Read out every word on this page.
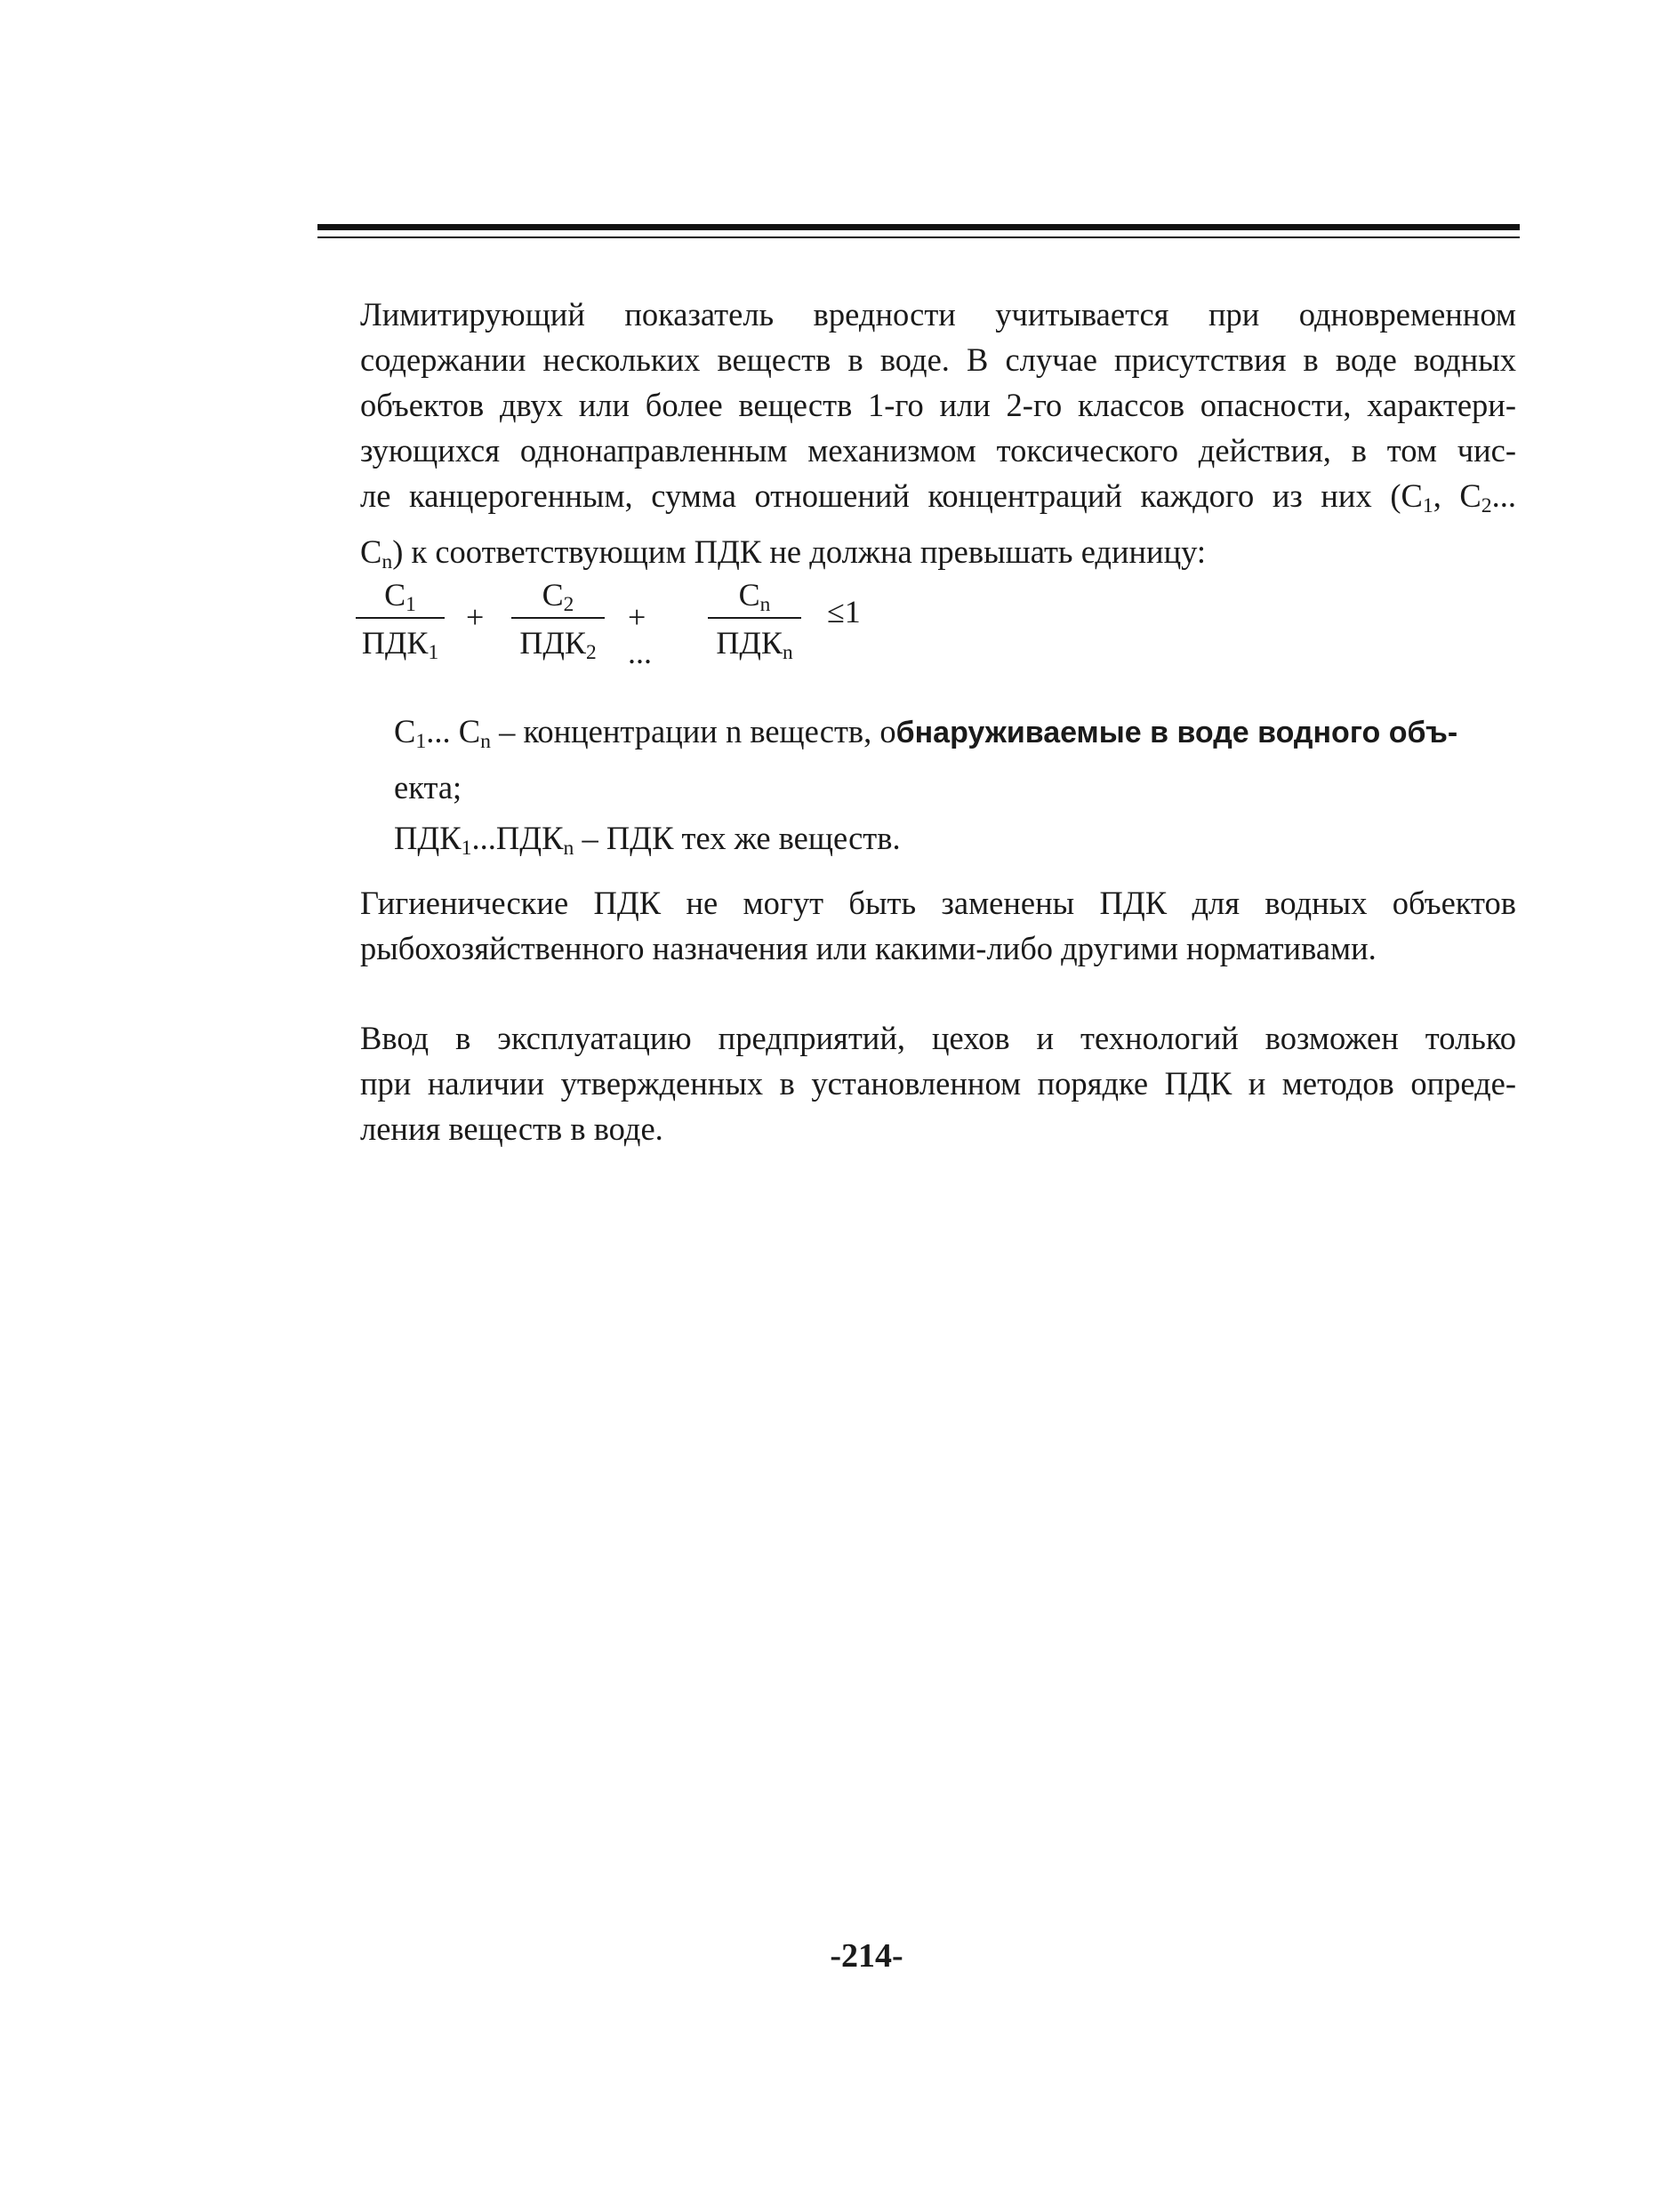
Лимитирующий показатель вредности учитывается при одновременном
содержании нескольких веществ в воде. В случае присутствия в воде водных
объектов двух или более веществ 1-го или 2-го классов опасности, характери-
зующихся однонаправленным механизмом токсического действия, в том чис-
ле канцерогенным, сумма отношений концентраций каждого из них ($C_1$, $C_2$...
$C_n$) к соответствующим ПДК не должна превышать единицу:
$C_1$
$ПДК_1$
+
$C_2$
$ПДК_2$
+ ...
$C_n$
$ПДК_n$
≤1
$C_1$... $C_n$ – концентрации n веществ, обнаруживаемые в воде водного объ-
екта;
$ПДК_1...ПДК_n$ – ПДК тех же веществ.
Гигиенические ПДК не могут быть заменены ПДК для водных объектов
рыбохозяйственного назначения или какими-либо другими нормативами.
Ввод в эксплуатацию предприятий, цехов и технологий возможен только
при наличии утвержденных в установленном порядке ПДК и методов опреде-
ления веществ в воде.
-214-
